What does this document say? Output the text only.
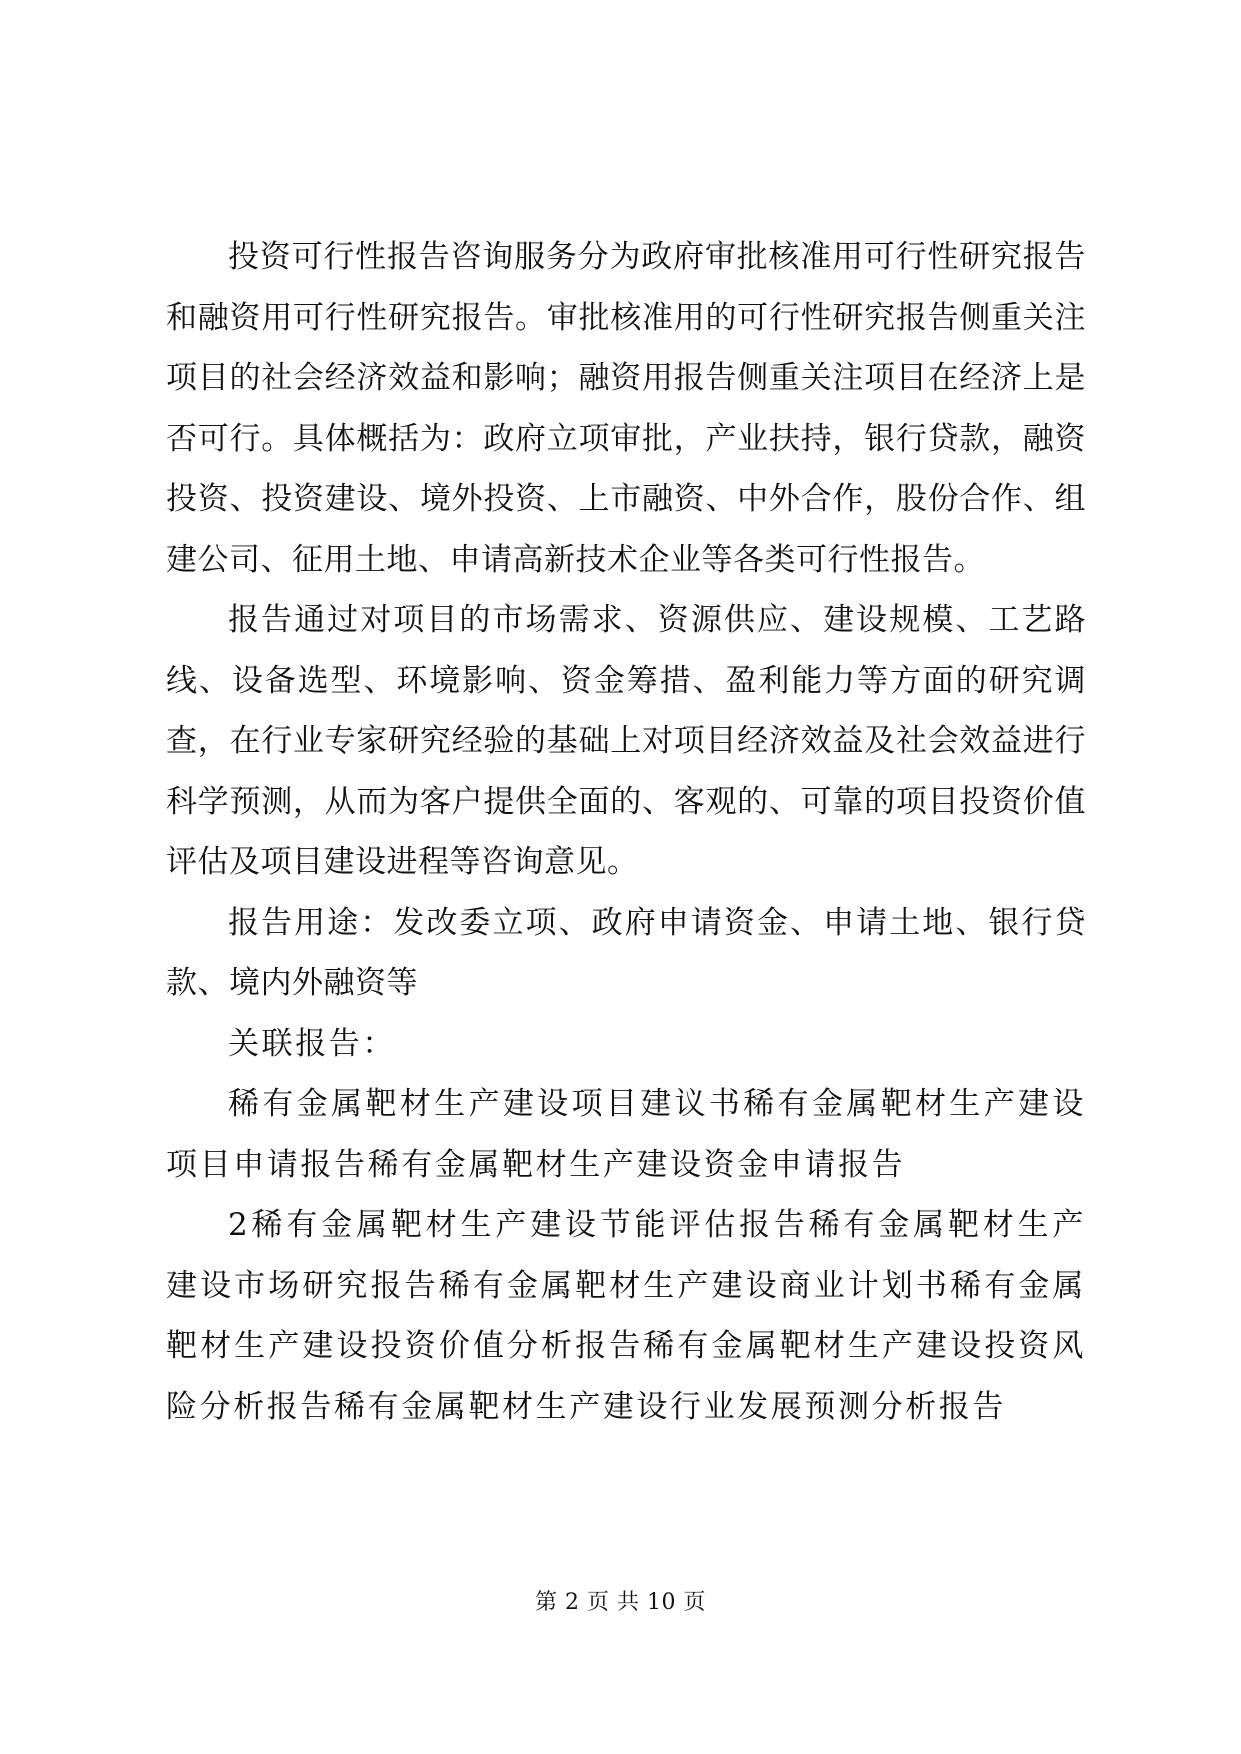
投资可行性报告咨询服务分为政府审批核准用可行性研究报告和融资用可行性研究报告。审批核准用的可行性研究报告侧重关注项目的社会经济效益和影响；融资用报告侧重关注项目在经济上是否可行。具体概括为：政府立项审批，产业扶持，银行贷款，融资投资、投资建设、境外投资、上市融资、中外合作，股份合作、组建公司、征用土地、申请高新技术企业等各类可行性报告。

报告通过对项目的市场需求、资源供应、建设规模、工艺路线、设备选型、环境影响、资金筹措、盈利能力等方面的研究调查，在行业专家研究经验的基础上对项目经济效益及社会效益进行科学预测，从而为客户提供全面的、客观的、可靠的项目投资价值评估及项目建设进程等咨询意见。

报告用途：发改委立项、政府申请资金、申请土地、银行贷款、境内外融资等

关联报告：

稀有金属靶材生产建设项目建议书稀有金属靶材生产建设项目申请报告稀有金属靶材生产建设资金申请报告

2稀有金属靶材生产建设节能评估报告稀有金属靶材生产建设市场研究报告稀有金属靶材生产建设商业计划书稀有金属靶材生产建设投资价值分析报告稀有金属靶材生产建设投资风险分析报告稀有金属靶材生产建设行业发展预测分析报告

第 2 页 共 10 页
